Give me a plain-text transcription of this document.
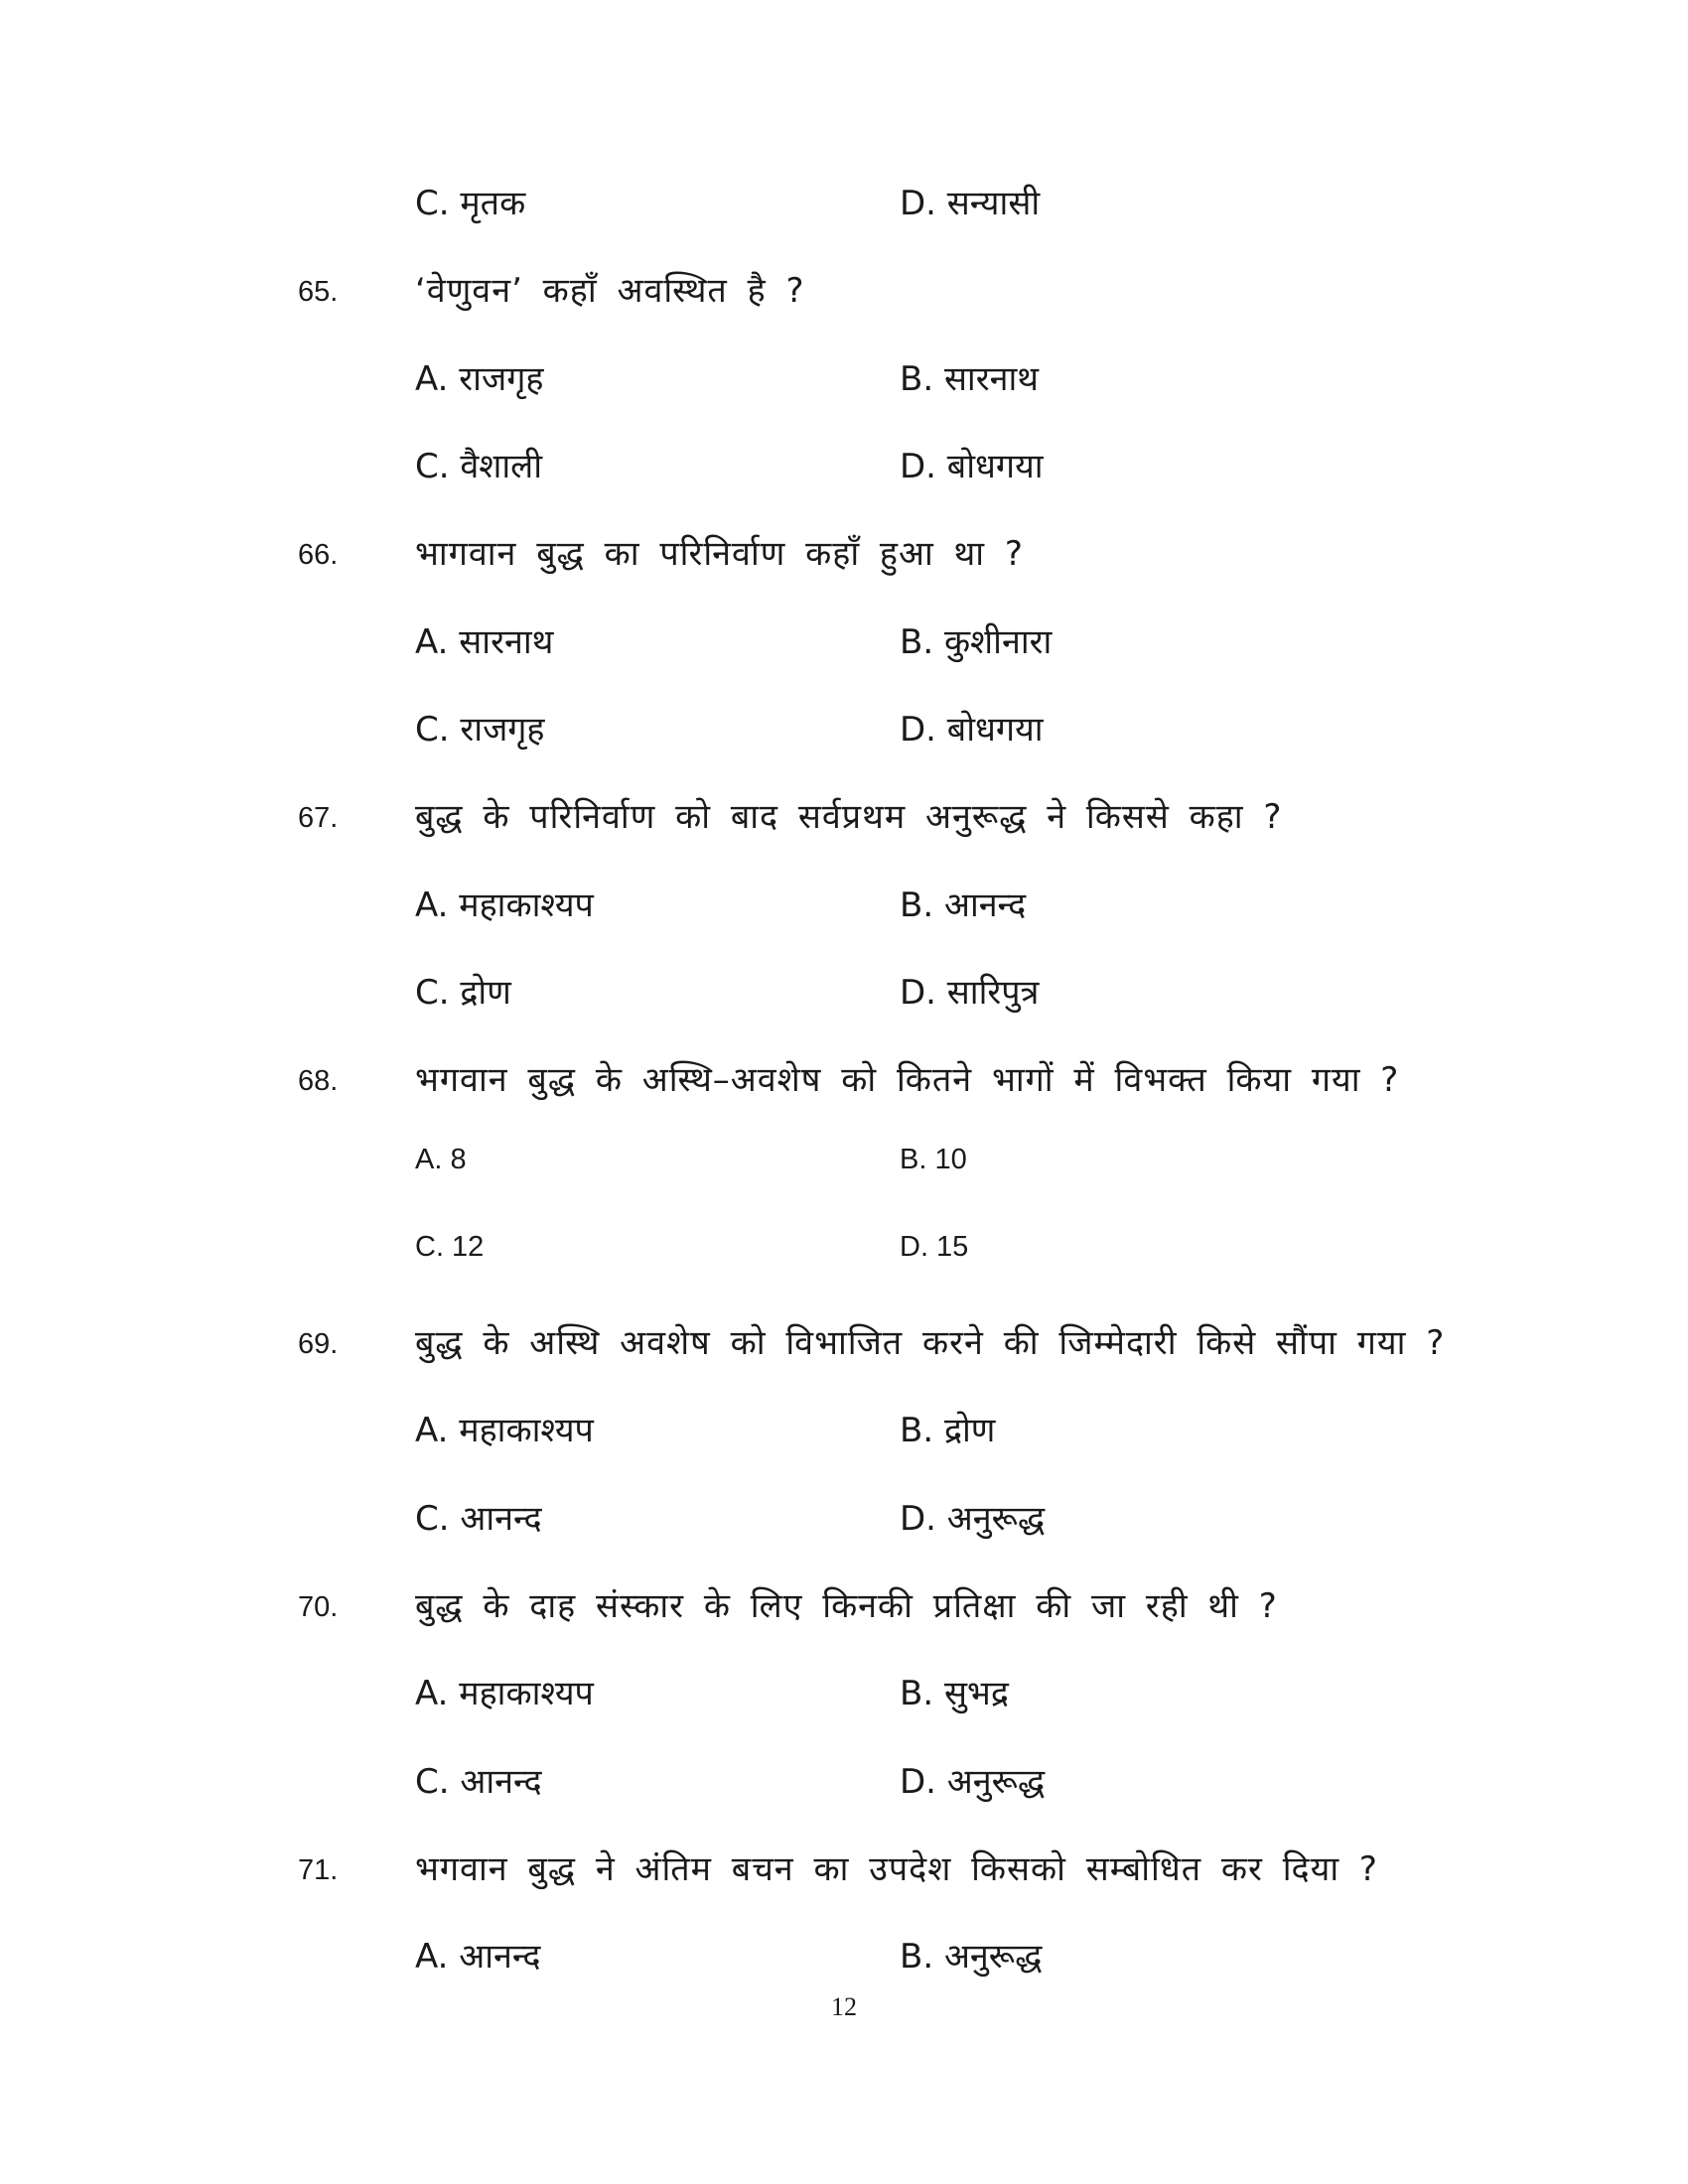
C. मृतक	D. सन्यासी
65. ‘वेणुवन’ कहाँ अवस्थित है ?
A. राजगृह	B. सारनाथ
C. वैशाली	D. बोधगया
66. भागवान बुद्ध का परिनिर्वाण कहाँ हुआ था ?
A. सारनाथ	B. कुशीनारा
C. राजगृह	D. बोधगया
67. बुद्ध के परिनिर्वाण को बाद सर्वप्रथम अनुरूद्ध ने किससे कहा ?
A. महाकाश्यप	B. आनन्द
C. द्रोण	D. सारिपुत्र
68. भगवान बुद्ध के अस्थि–अवशेष को कितने भागों में विभक्त किया गया ?
A. 8	B. 10
C. 12	D. 15
69. बुद्ध के अस्थि अवशेष को विभाजित करने की जिम्मेदारी किसे सौंपा गया ?
A. महाकाश्यप	B. द्रोण
C. आनन्द	D. अनुरूद्ध
70. बुद्ध के दाह संस्कार के लिए किनकी प्रतिक्षा की जा रही थी ?
A. महाकाश्यप	B. सुभद्र
C. आनन्द	D. अनुरूद्ध
71. भगवान बुद्ध ने अंतिम बचन का उपदेश किसको सम्बोधित कर दिया ?
A. आनन्द	B. अनुरूद्ध
12
